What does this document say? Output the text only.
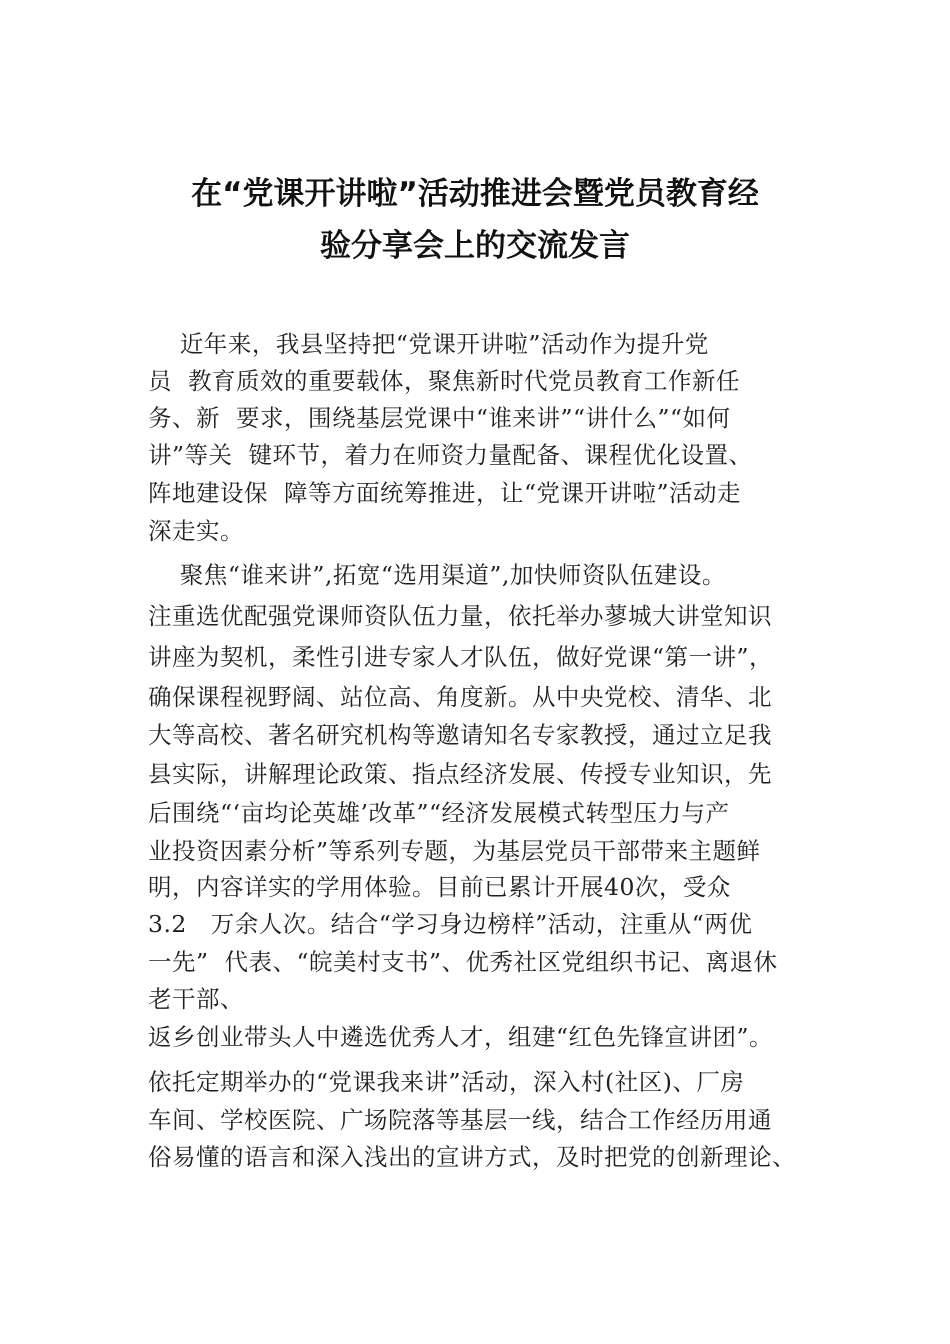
在“党课开讲啦”活动推进会暨党员教育经
验分享会上的交流发言
近年来，我县坚持把“党课开讲啦”活动作为提升党
员  教育质效的重要载体，聚焦新时代党员教育工作新任
务、新  要求，围绕基层党课中“谁来讲”“讲什么”“如何
讲”等关  键环节，着力在师资力量配备、课程优化设置、
阵地建设保  障等方面统筹推进，让“党课开讲啦”活动走
深走实。
聚焦“谁来讲”,拓宽“选用渠道”,加快师资队伍建设。
注重选优配强党课师资队伍力量，依托举办蓼城大讲堂知识
讲座为契机，柔性引进专家人才队伍，做好党课“第一讲”，
确保课程视野阔、站位高、角度新。从中央党校、清华、北
大等高校、著名研究机构等邀请知名专家教授，通过立足我
县实际，讲解理论政策、指点经济发展、传授专业知识，先
后围绕“‘亩均论英雄’改革”“经济发展模式转型压力与产
业投资因素分析”等系列专题，为基层党员干部带来主题鲜
明，内容详实的学用体验。目前已累计开展40次，受众
3.2   万余人次。结合“学习身边榜样”活动，注重从“两优
一先”  代表、“皖美村支书”、优秀社区党组织书记、离退休
老干部、
返乡创业带头人中遴选优秀人才，组建“红色先锋宣讲团”。
依托定期举办的“党课我来讲”活动，深入村(社区)、厂房
车间、学校医院、广场院落等基层一线，结合工作经历用通
俗易懂的语言和深入浅出的宣讲方式，及时把党的创新理论、
